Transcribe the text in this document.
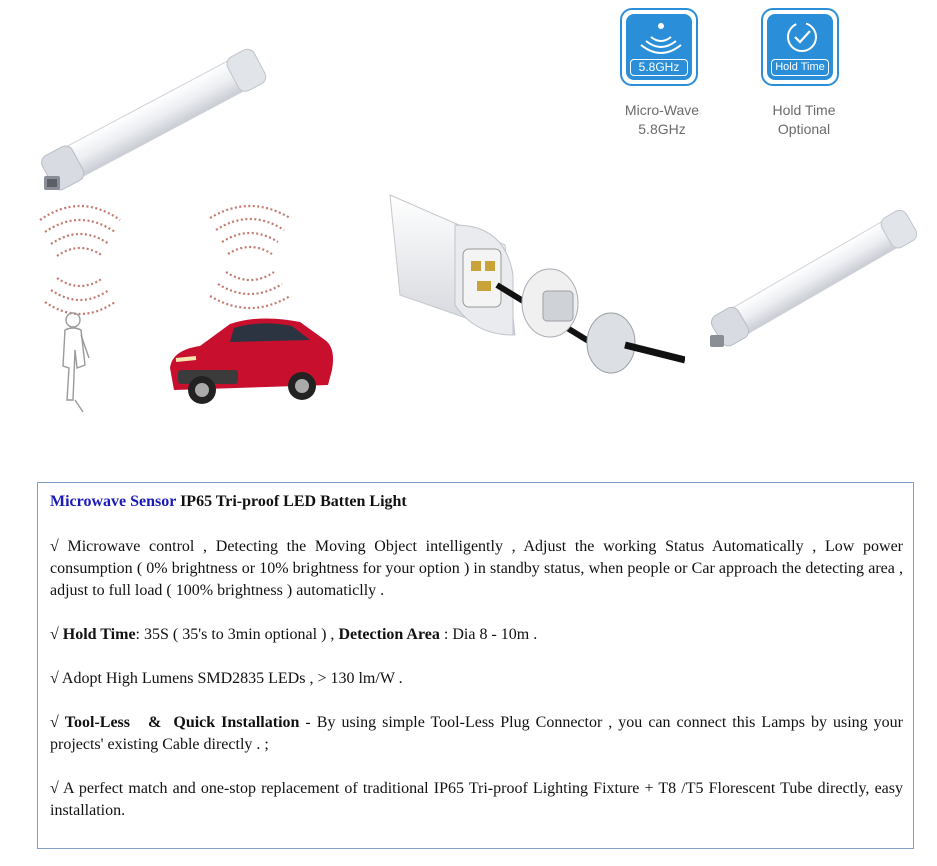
5.8GHz
Micro-Wave
5.8GHz
Hold Time
Hold Time
Optional
Microwave Sensor IP65 Tri-proof LED Batten Light
√ Microwave control , Detecting the Moving Object intelligently , Adjust the working Status Automatically , Low power consumption ( 0% brightness or 10% brightness for your option ) in standby status, when people or Car approach the detecting area , adjust to full load ( 100% brightness ) automaticlly .
√ Hold Time: 35S ( 35's to 3min optional ) , Detection Area : Dia 8 - 10m .
√ Adopt High Lumens SMD2835 LEDs , > 130 lm/W .
√ Tool-Less   &  Quick Installation - By using simple Tool-Less Plug Connector , you can connect this Lamps by using your projects' existing Cable directly . ;
√ A perfect match and one-stop replacement of traditional IP65 Tri-proof Lighting Fixture + T8 /T5 Florescent Tube directly, easy installation.
